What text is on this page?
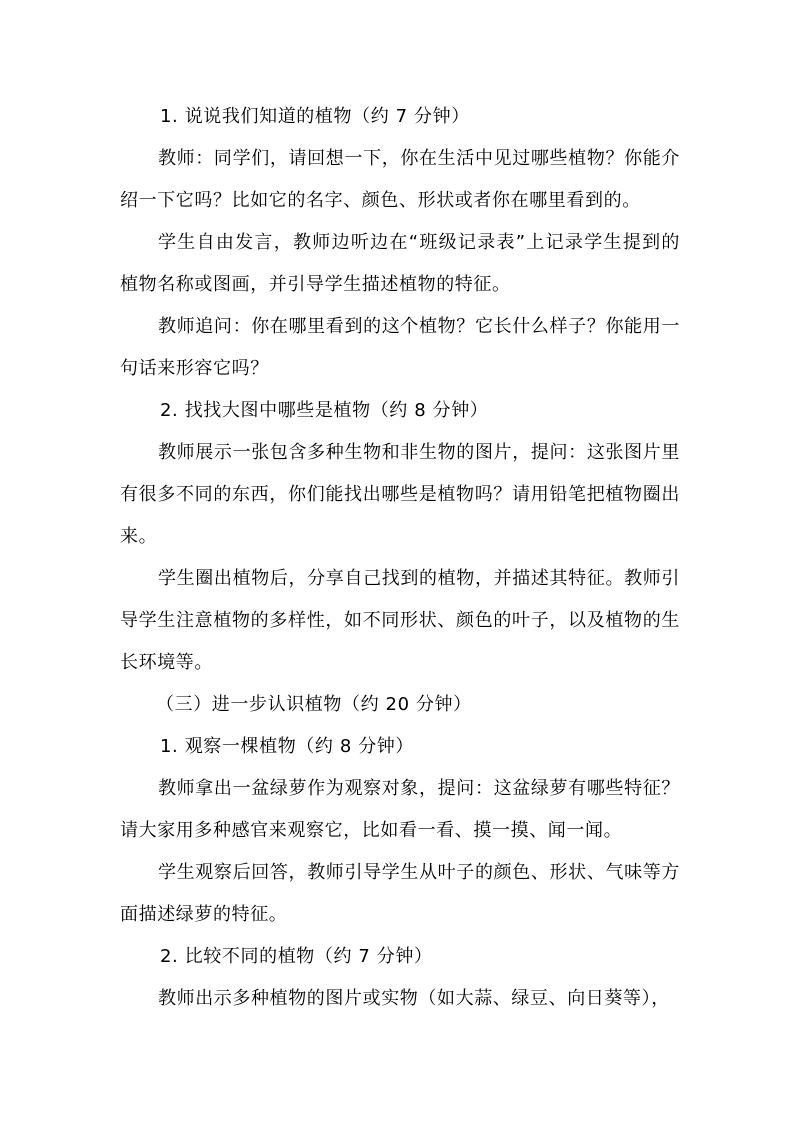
1. 说说我们知道的植物（约 7 分钟）

教师：同学们，请回想一下，你在生活中见过哪些植物？你能介绍一下它吗？比如它的名字、颜色、形状或者你在哪里看到的。

学生自由发言，教师边听边在“班级记录表”上记录学生提到的植物名称或图画，并引导学生描述植物的特征。

教师追问：你在哪里看到的这个植物？它长什么样子？你能用一句话来形容它吗？

2. 找找大图中哪些是植物（约 8 分钟）

教师展示一张包含多种生物和非生物的图片，提问：这张图片里有很多不同的东西，你们能找出哪些是植物吗？请用铅笔把植物圈出来。

学生圈出植物后，分享自己找到的植物，并描述其特征。教师引导学生注意植物的多样性，如不同形状、颜色的叶子，以及植物的生长环境等。

（三）进一步认识植物（约 20 分钟）

1. 观察一棵植物（约 8 分钟）

教师拿出一盆绿萝作为观察对象，提问：这盆绿萝有哪些特征？请大家用多种感官来观察它，比如看一看、摸一摸、闻一闻。

学生观察后回答，教师引导学生从叶子的颜色、形状、气味等方面描述绿萝的特征。

2. 比较不同的植物（约 7 分钟）

教师出示多种植物的图片或实物（如大蒜、绿豆、向日葵等），
